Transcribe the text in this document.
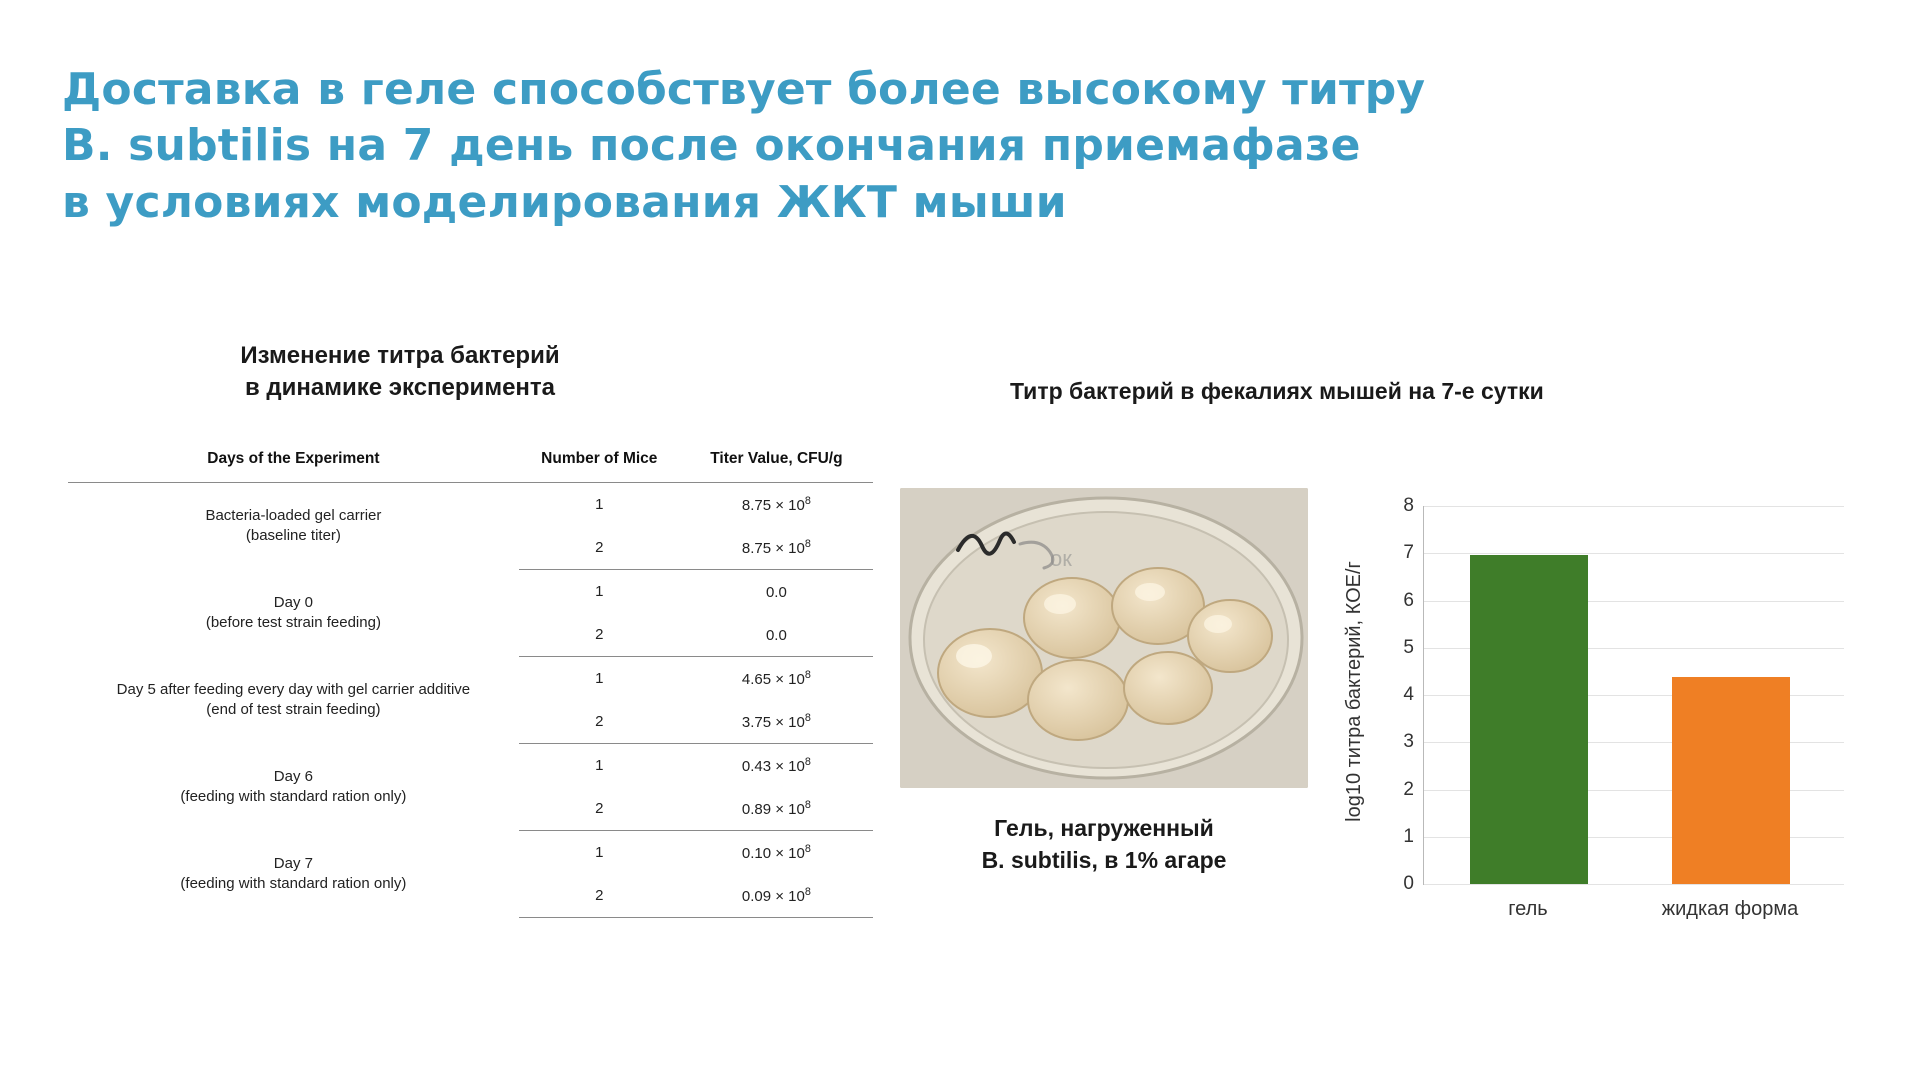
Доставка в геле способствует более высокому титру
B. subtilis на 7 день после окончания приемафазе
в условиях моделирования ЖКТ мыши
Изменение титра бактерий
в динамике эксперимента
Days of the Experiment	Number of Mice	Titer Value, CFU/g

Bacteria-loaded gel carrier
(baseline titer)	1	$8.75 \times 10^8$
	2	$8.75 \times 10^8$

Day 0
(before test strain feeding)	1	0.0
	2	0.0

Day 5 after feeding every day with gel carrier additive
(end of test strain feeding)	1	$4.65 \times 10^8$
	2	$3.75 \times 10^8$

Day 6
(feeding with standard ration only)	1	$0.43 \times 10^8$
	2	$0.89 \times 10^8$

Day 7
(feeding with standard ration only)	1	$0.10 \times 10^8$
	2	$0.09 \times 10^8$
Титр бактерий в фекалиях мышей на 7-е сутки
ок
Гель, нагруженный
B. subtilis, в 1% агаре
log10 титра бактерий, КОЕ/г
8
7
6
5
4
3
2
1
0
гель	жидкая форма
